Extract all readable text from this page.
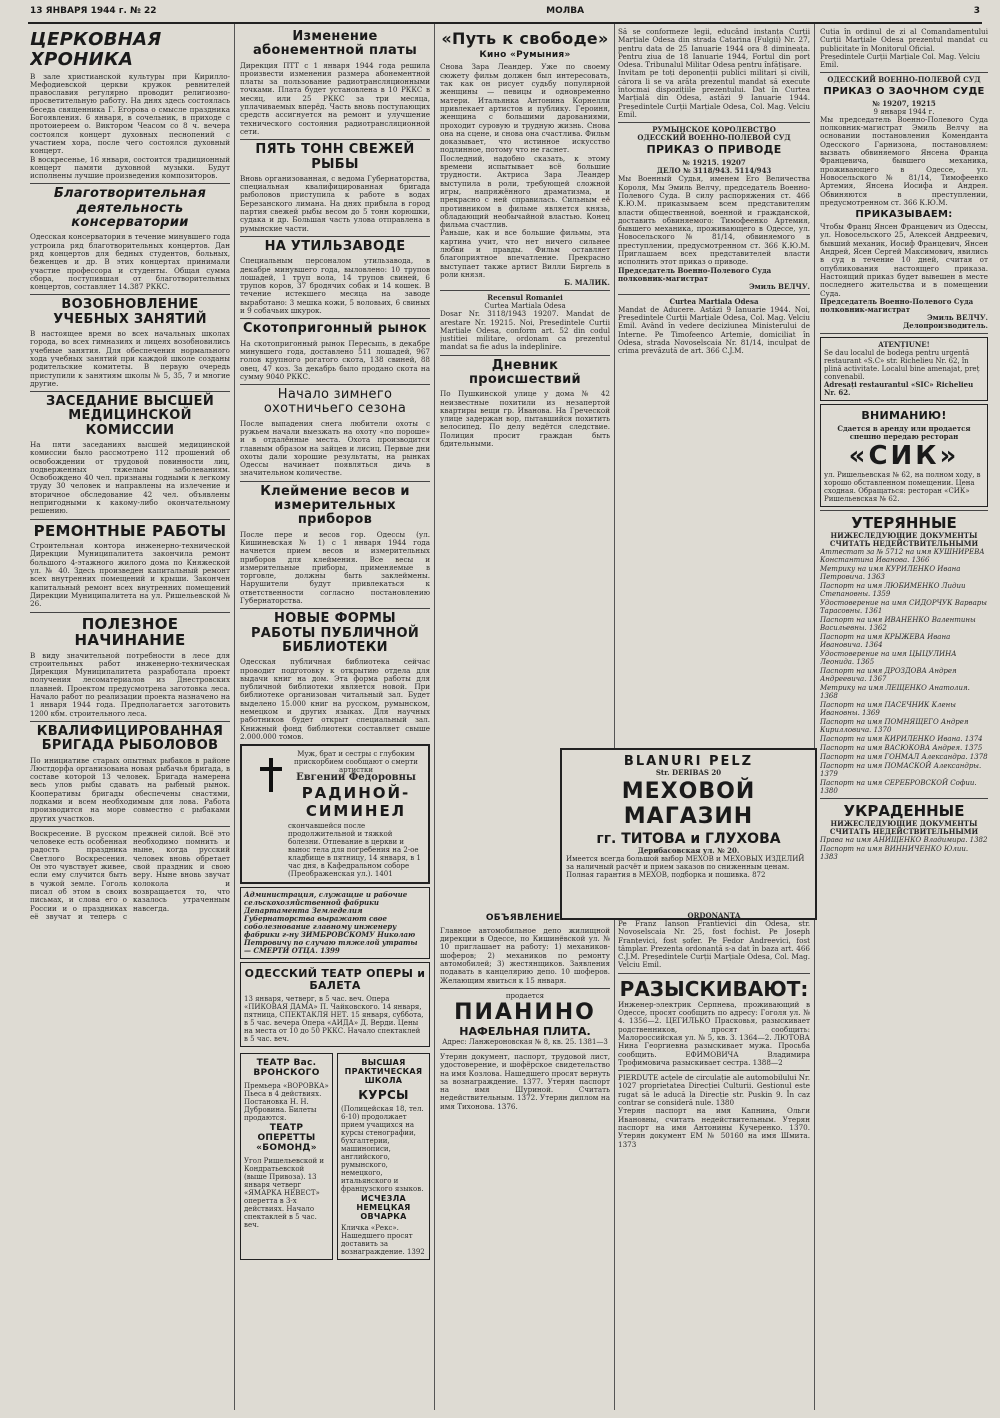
13 ЯНВАРЯ 1944 г. № 22	МОЛВА	3
ЦЕРКОВНАЯ ХРОНИКА

В зале христианской культуры при Кирилло-Мефодиевской церкви кружок ревнителей православия регулярно проводит религиозно-просветительную работу. На днях здесь состоялась беседа священника Г. Егорова о смысле праздника Богоявления. 6 января, в сочельник, в приходе с протоиереем о. Виктором Чеасом со 8 ч. вечера состоялся концерт духовных песнопений с участием хора, после чего состоялся духовный концерт.

В воскресенье, 16 января, состоится традиционный концерт памяти духовной музыки. Будут исполнены лучшие произведения композиторов.

Благотворительная деятельность консерватории

Одесская консерватория в течение минувшего года устроила ряд благотворительных концертов. Дан ряд концертов для бедных студентов, больных, беженцев и др. В этих концертах принимали участие профессора и студенты. Общая сумма сбора, поступившая от благотворительных концертов, составляет 14.387 РККС.

ВОЗОБНОВЛЕНИЕ УЧЕБНЫХ ЗАНЯТИЙ

В настоящее время во всех начальных школах города, во всех гимназиях и лицеях возобновились учебные занятия. Для обеспечения нормального хода учебных занятий при каждой школе созданы родительские комитеты. В первую очередь приступили к занятиям школы № 5, 35, 7 и многие другие.

ЗАСЕДАНИЕ ВЫСШЕЙ МЕДИЦИНСКОЙ КОМИССИИ

На пяти заседаниях высшей медицинской комиссии было рассмотрено 112 прошений об освобождении от трудовой повинности лиц, подверженных тяжелым заболеваниям. Освобождено 40 чел. признаны годными к легкому труду 30 человек и направлены на излечение и вторичное обследование 42 чел. объявлены непригодными к какому-либо окончательному решению.

РЕМОНТНЫЕ РАБОТЫ

Строительная контора инженерно-технической Дирекции Муниципалитета закончила ремонт большого 4-этажного жилого дома по Княжеской ул. № 40. Здесь произведен капитальный ремонт всех внутренних помещений и крыши. Закончен капитальный ремонт всех внутренних помещений Дирекции Муниципалитета на ул. Ришельевской № 26.

ПОЛЕЗНОЕ НАЧИНАНИЕ

В виду значительной потребности в лесе для строительных работ инженерно-техническая Дирекция Муниципалитета разработала проект получения лесоматериалов из Днестровских плавней. Проектом предусмотрена заготовка леса. Начало работ по реализации проекта назначено на 1 января 1944 года. Предполагается заготовить 1200 кбм. строительного леса.

КВАЛИФИЦИРОВАННАЯ БРИГАДА РЫБОЛОВОВ

По инициативе старых опытных рыбаков в районе Люстдорфа организована новая рыбачья бригада, в составе которой 13 человек. Бригада намерена весь улов рыбы сдавать на рыбный рынок. Кооперативы бригады обеспечены снастями, лодками и всем необходимым для лова. Работа производится на море совместно с рыбаками других участков.

Воскресение. В русском человеке есть особенная радость праздника Светлого Воскресения. Он это чувствует живее, если ему случится быть в чужой земле. Гоголь писал об этом в своих письмах, и слова его о России и о праздниках её звучат и теперь с прежней силой. Всё это необходимо помнить и ныне, когда русский человек вновь обретает свой праздник и свою веру. Ныне вновь звучат колокола и возвращается то, что казалось утраченным навсегда.

Изменение абонементной платы

Дирекция ПТТ с 1 января 1944 года решила произвести изменения размера абонементной платы за пользование радиотрансляционными точками. Плата будет установлена в 10 РККС в месяц, или 25 РККС за три месяца, уплачиваемых вперёд. Часть вновь поступающих средств ассигнуется на ремонт и улучшение технического состояния радиотрансляционной сети.

ПЯТЬ ТОНН СВЕЖЕЙ РЫБЫ

Вновь организованная, с ведома Губернаторства, специальная квалифицированная бригада рыболовов приступила к работе в водах Березанского лимана. На днях прибыла в город партия свежей рыбы весом до 5 тонн корюшки, судака и др. Большая часть улова отправлена в румынские части.

НА УТИЛЬЗАВОДЕ

Специальным персоналом утильзавода, в декабре минувшего года, выловлено: 10 трупов лошадей, 1 труп вола, 14 трупов свиней, 6 трупов коров, 37 бродячих собак и 14 кошек. В течение истекшего месяца на заводе выработано: 3 мешка кожи, 5 воловьих, 6 свиных и 9 собачьих шкурок.

Скотопригонный рынок

На скотопригонный рынок Пересыпь, в декабре минувшего года, доставлено 511 лошадей, 967 голов крупного рогатого скота, 138 свиней, 88 овец, 47 коз. За декабрь было продано скота на сумму 9040 РККС.

Начало зимнего охотничьего сезона

После выпадения снега любители охоты с ружьем начали выезжать на охоту «по пороше» и в отдалённые места. Охота производится главным образом на зайцев и лисиц. Первые дни охоты дали хорошие результаты, на рынках Одессы начинает появляться дичь в значительном количестве.

Клеймение весов и измерительных приборов

После пере и весов гор. Одессы (ул. Кишиневская № 1) с 1 января 1944 года начнется прием весов и измерительных приборов для клеймения. Все весы и измерительные приборы, применяемые в торговле, должны быть заклеймены. Нарушители будут привлекаться к ответственности согласно постановлению Губернаторства.

НОВЫЕ ФОРМЫ РАБОТЫ ПУБЛИЧНОЙ БИБЛИОТЕКИ

Одесская публичная библиотека сейчас проводит подготовку к открытию отдела для выдачи книг на дом. Эта форма работы для публичной библиотеки является новой. При библиотеке организован читальный зал. Будет выделено 15.000 книг на русском, румынском, немецком и других языках. Для научных работников будет открыт специальный зал. Книжный фонд библиотеки составляет свыше 2.000.000 томов.

Муж, брат и сестры с глубоким прискорбием сообщают о смерти артистки

Евгении Федоровны

РАДИНОЙ-СИМИНЕЛ

скончавшейся после продолжительной и тяжкой болезни. Отпевание в церкви и вынос тела для погребения на 2-ое кладбище в пятницу, 14 января, в 1 час дня, в Кафедральном соборе (Преображенская ул.). 1401

Администрация, служащие и рабочие сельскохозяйственной фабрики Департамента Земледелия Губернаторства выражают свое соболезнование главному инженеру фабрики г-ну ЗИМБРОВСКОМУ Николаю Петровичу по случаю тяжелой утраты — СМЕРТИ ОТЦА. 1399

ОДЕССКИЙ ТЕАТР ОПЕРЫ и БАЛЕТА

13 января, четверг, в 5 час. веч. Опера «ПИКОВАЯ ДАМА» П. Чайковского. 14 января, пятница, СПЕКТАКЛЯ НЕТ. 15 января, суббота, в 5 час. вечера Опера «АИДА» Д. Верди. Цены на места от 10 до 50 РККС. Начало спектаклей в 5 час. веч.

ТЕАТР Вас. ВРОНСКОГО

Премьера «ВОРОВКА» Пьеса в 4 действиях. Постановка Н. Н. Дубровина. Билеты продаются.

ТЕАТР ОПЕРЕТТЫ «БОМОНД»

Угол Ришельевской и Кондратьевской (выше Привоза). 13 января четверг «ЯМАРКА НЕВЕСТ» оперетта в 3-х действиях. Начало спектаклей в 5 час. веч.

ВЫСШАЯ ПРАКТИЧЕСКАЯ ШКОЛА
КУРСЫ

(Полицейская 18, тел. 6-10) продолжает прием учащихся на курсы стенографии, бухгалтерии, машинописи, английского, румынского, немецкого, итальянского и французского языков.

ИСЧЕЗЛА НЕМЕЦКАЯ ОВЧАРКА

Кличка «Рекс». Нашедшего просят доставить за вознаграждение. 1392

«Путь к свободе»
Кино «Румыния»

Снова Зара Леандер. Уже по своему сюжету фильм должен был интересовать, так как он рисует судьбу популярной женщины — певицы и одновременно матери. Итальянка Антонина Корнелли привлекает артистов и публику. Героиня, женщина с большими дарованиями, проходит суровую и трудную жизнь. Снова она на сцене, и снова она счастлива. Фильм доказывает, что истинное искусство подлинное, потому что не гаснет.

Последний, надобно сказать, к этому времени испытывает всё большие трудности. Актриса Зара Леандер выступила в роли, требующей сложной игры, напряжённого драматизма, и прекрасно с ней справилась. Сильным её противником в фильме является князь, обладающий необычайной властью. Конец фильма счастлив.

Раньше, как и все большие фильмы, эта картина учит, что нет ничего сильнее любви и правды. Фильм оставляет благоприятное впечатление. Прекрасно выступает также артист Вилли Биргель в роли князя.

Б. МАЛИК.

Recensul Romaniei

Curtea Martiala Odesa

Dosar Nr. 3118/1943 19207. Mandat de arestare Nr. 19215. Noi, Presedintele Curtii Martiale Odesa, conform art. 52 din codul justitiei militare, ordonam ca prezentul mandat sa fie adus la indeplinire.

Дневник происшествий

По Пушкинской улице у дома № 42 неизвестные похитили из незапертой квартиры вещи гр. Иванова. На Греческой улице задержан вор, пытавшийся похитить велосипед. По делу ведётся следствие. Полиция просит граждан быть бдительными.

BLANURI PELZ

Str. DERIBAS 20

МЕХОВОЙ МАГАЗИН
гг. ТИТОВА и ГЛУХОВА

Дерибасовская ул. № 20.

Имеется всегда большой выбор МЕХОВ и МЕХОВЫХ ИЗДЕЛИЙ за наличный расчёт и прием заказов по сниженным ценам. Полная гарантия в МЕХОВ, подборка и пошивка. 872

ОБЪЯВЛЕНИЕ.

Главное автомобильное депо жилищной дирекции в Одессе, по Кишинёвской ул. № 10 приглашает на работу: 1) механиков-шоферов; 2) механиков по ремонту автомобилей; 3) жестянщиков. Заявления подавать в канцелярию депо. 10 шоферов. Желающим явиться к 15 января.

продается

ПИАНИНО
НАФЕЛЬНАЯ ПЛИТА.

Адрес: Ланжероновская № 8, кв. 25. 1381—3

Утерян документ, паспорт, трудовой лист, удостоверение, и шофёрское свидетельство на имя Козлова. Нашедшего просят вернуть за вознаграждение. 1377. Утерян паспорт на имя Шуриной. Считать недействительным. 1372. Утерян диплом на имя Тихонова. 1376.

Să se conformeze legii, educând instanța Curții Marțiale Odesa din strada Catarina (Fulgii) Nr. 27, pentru data de 25 Ianuarie 1944 ora 8 dimineața. Pentru ziua de 18 Ianuarie 1944, Fortul din port Odesa. Tribunalul Militar Odesa pentru înfățișare.

Invitam pe toți deponenții publici militari și civili, cărora li se va arăta prezentul mandat să execute întocmai dispozițiile prezentului. Dat în Curtea Marțială din Odesa, astăzi 9 Ianuarie 1944. Președintele Curții Marțiale Odesa, Col. Mag. Velciu Emil.

РУМЫНСКОЕ КОРОЛЕВСТВО

ОДЕССКИЙ ВОЕННО-ПОЛЕВОЙ СУД

ПРИКАЗ О ПРИВОДЕ

№ 19215. 19207

ДЕЛО № 3118/943. 5114/943

Мы Военный Судья, именем Его Величества Короля, Мы Эмиль Велчу, председатель Военно-Полевого Суда. В силу распоряжения ст. 466 К.Ю.М. приказываем всем представителям власти общественной, военной и гражданской, доставить обвиняемого: Тимофеенко Артемия, бывшего механика, проживающего в Одессе, ул. Новосельского № 81/14, обвиняемого в преступлении, предусмотренном ст. 366 К.Ю.М. Приглашаем всех представителей власти исполнить этот приказ о приводе.

Председатель Военно-Полевого Суда полковник-магистрат

Эмиль ВЕЛЧУ.

Curtea Martiala Odesa

Mandat de Aducere. Astăzi 9 Ianuarie 1944. Noi, Președintele Curții Marțiale Odesa, Col. Mag. Velciu Emil. Având în vedere deciziunea Ministerului de Interne. Pe Timofeenco Artemie, domiciliat în Odesa, strada Novoselscaia Nr. 81/14, inculpat de crima prevăzută de art. 366 C.J.M.

ORDONANȚĂ

Pe Franz Ianson Frantievici din Odesa, str. Novoselscaia Nr. 25, fost fochist. Pe Joseph Franțevici, fost șofer. Pe Fedor Andreevici, fost tâmplar. Prezenta ordonanță s-a dat în baza art. 466 C.J.M. Președintele Curții Marțiale Odesa, Col. Mag. Velciu Emil.

РАЗЫСКИВАЮТ:

Инженер-электрик Серпнева, проживающий в Одессе, просят сообщить по адресу: Гоголя ул. № 4. 1356—2. ЦЕГИЛЬКО Прасковья, разыскивает родственников, просят сообщить: Малороссийская ул. № 5, кв. 3. 1364—2. ЛЮТОВА Нина Георгиевна разыскивает мужа. Просьба сообщить. ЕФИМОВИЧА Владимира Трофимовича разыскивает сестра. 1388—2

PIERDUTE acțele de circulație ale automobilului Nr. 1027 proprietatea Direcției Culturii. Gestionul este rugat să le aducă la Direcție str. Puskin 9. În caz contrar se consideră nule. 1380

Утерян паспорт на имя Капнина, Ольги Ивановны, считать недействительным. Утерян паспорт на имя Антонины Кучеренко. 1370. Утерян документ EM № 50160 на имя Шмита. 1373

Cutia în ordinul de zi al Comandamentului Curții Marțiale Odesa prezentul mandat cu publicitate în Monitorul Oficial.

Președintele Curții Marțiale Col. Mag. Velciu Emil.

ОДЕССКИЙ ВОЕННО-ПОЛЕВОЙ СУД

ПРИКАЗ О ЗАОЧНОМ СУДЕ

№ 19207, 19215

9 января 1944 г.

Мы председатель Военно-Полевого Суда полковник-магистрат Эмиль Велчу на основании постановления Коменданта Одесского Гарнизона, постановляем: вызвать обвиняемого Янсена Франца Францевича, бывшего механика, проживающего в Одессе, ул. Новосельского № 81/14, Тимофеенко Артемия, Янсена Иосифа и Андрея. Обвиняются в преступлении, предусмотренном ст. 366 К.Ю.М.

ПРИКАЗЫВАЕМ:

Чтобы Франц Янсен Францевич из Одессы, ул. Новосельского 25, Алексей Андреевич, бывший механик, Иосиф Францевич, Янсен Андрей, Ясен Сергей Максимович, явились в суд в течение 10 дней, считая от опубликования настоящего приказа. Настоящий приказ будет вывешен в месте последнего жительства и в помещении Суда.

Председатель Военно-Полевого Суда полковник-магистрат

Эмиль ВЕЛЧУ.

Делопроизводитель.

ATENȚIUNE!

Se dau localul de bodega pentru urgentă restaurant «S.C» str. Richelieu Nr. 62, în plină activitate. Localul bine amenajat, preț convenabil.

Adresați restaurantul «SIC» Richelieu Nr. 62.

ВНИМАНИЮ!

Сдается в аренду или продается спешно передаю ресторан

«СИК»

ул. Ришельевская № 62, на полном ходу, в хорошо обставленном помещении. Цена сходная. Обращаться: ресторан «СИК» Ришельевская № 62.

УТЕРЯННЫЕ

НИЖЕСЛЕДУЮЩИЕ ДОКУМЕНТЫ СЧИТАТЬ НЕДЕЙСТВИТЕЛЬНЫМИ

Аттестат за № 5712 на имя КУШНИРЕВА Константина Иванова. 1366

Метрику на имя КУРИЛЕНКО Ивана Петровича. 1363

Паспорт на имя ЛЮБИМЕНКО Лидии Степановны. 1359

Удостоверение на имя СИДОРЧУК Варвары Тарасовны. 1361

Паспорт на имя ИВАНЕНКО Валентины Васильевны. 1362

Паспорт на имя КРЫЖЕВА Ивана Ивановича. 1364

Удостоверение на имя ЦЫЦУЛИНА Леонида. 1365

Паспорт на имя ДРОЗДОВА Андрея Андреевича. 1367

Метрику на имя ЛЕЩЕНКО Анатолия. 1368

Паспорт на имя ПАСЕЧНИК Клены Ивановны. 1369

Паспорт на имя ПОМНЯЩЕГО Андрея Кирилловича. 1370

Паспорт на имя КИРИЛЕНКО Ивана. 1374

Паспорт на имя ВАСЮКОВА Андрея. 1375

Паспорт на имя ГОНМАЛ Александра. 1378

Паспорт на имя ПОМАСКОЙ Александры. 1379

Паспорт на имя СЕРЕБРОВСКОЙ Софии. 1380

УКРАДЕННЫЕ

НИЖЕСЛЕДУЮЩИЕ ДОКУМЕНТЫ СЧИТАТЬ НЕДЕЙСТВИТЕЛЬНЫМИ

Права на имя АНИЩЕНКО Владимира. 1382

Паспорт на имя ВИННИЧЕНКО Юлии. 1383
